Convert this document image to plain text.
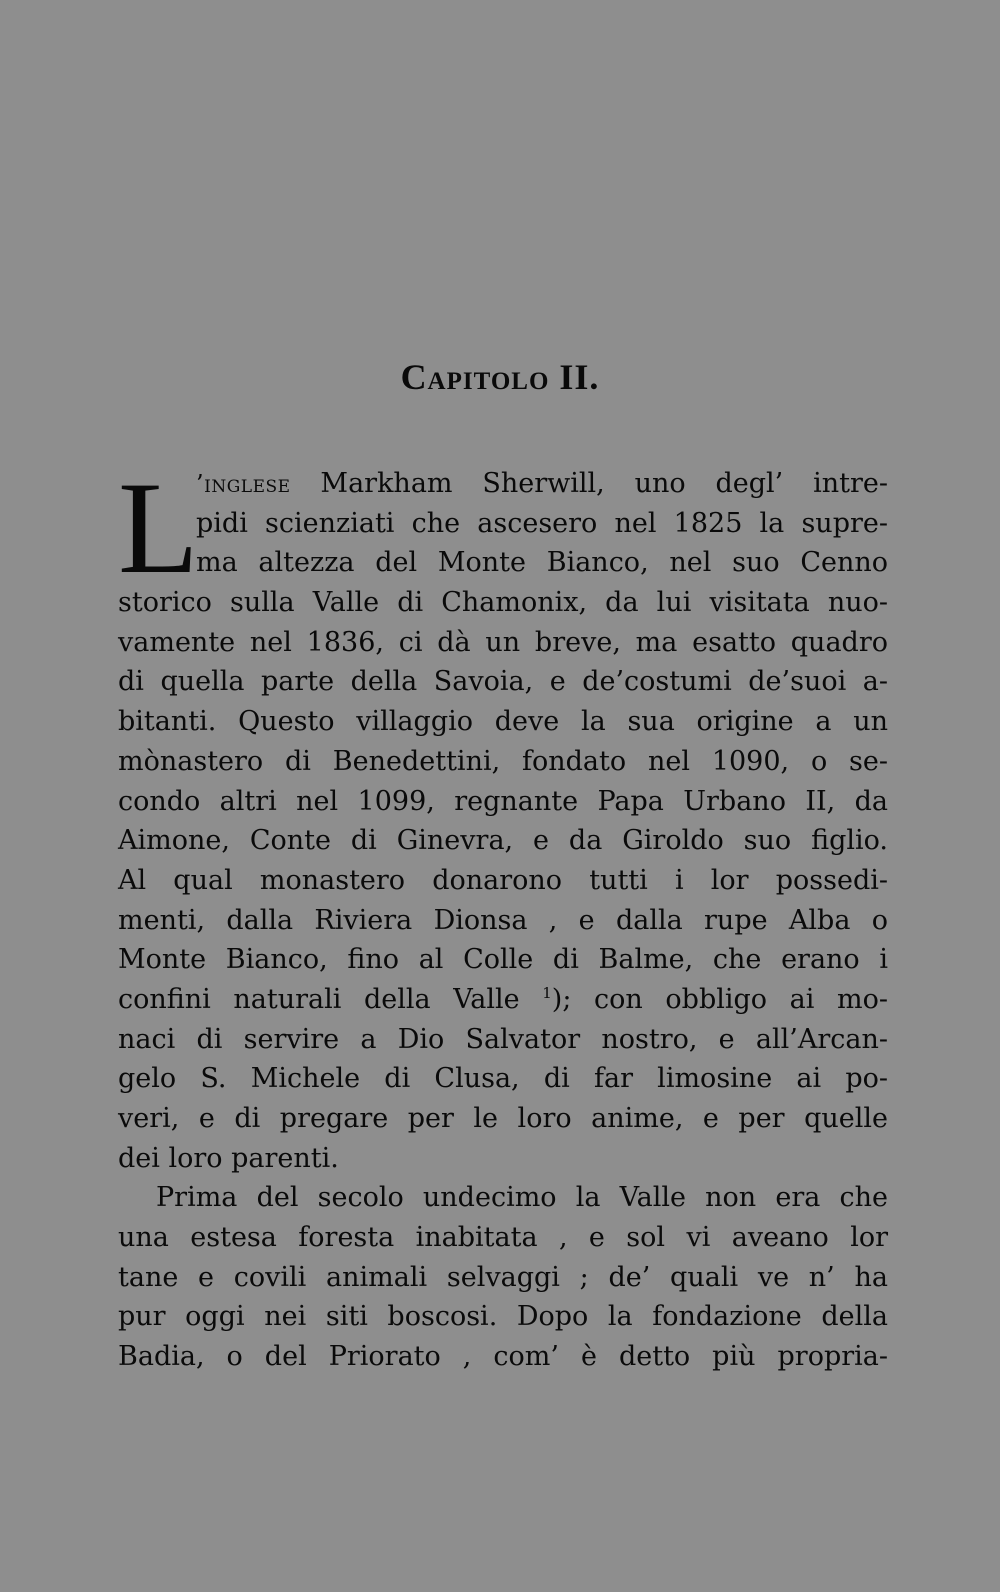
Capitolo II.
L
’inglese Markham Sherwill, uno degl’ intre-
pidi scienziati che ascesero nel 1825 la supre-
ma altezza del Monte Bianco, nel suo Cenno
storico sulla Valle di Chamonix, da lui visitata nuo-
vamente nel 1836, ci dà un breve, ma esatto quadro
di quella parte della Savoia, e de’costumi de’suoi a-
bitanti. Questo villaggio deve la sua origine a un
mònastero di Benedettini, fondato nel 1090, o se-
condo altri nel 1099, regnante Papa Urbano II, da
Aimone, Conte di Ginevra, e da Giroldo suo figlio.
Al qual monastero donarono tutti i lor possedi-
menti, dalla Riviera Dionsa , e dalla rupe Alba o
Monte Bianco, fino al Colle di Balme, che erano i
confini naturali della Valle $^1$); con obbligo ai mo-
naci di servire a Dio Salvator nostro, e all’Arcan-
gelo S. Michele di Clusa, di far limosine ai po-
veri, e di pregare per le loro anime, e per quelle
dei loro parenti.
Prima del secolo undecimo la Valle non era che
una estesa foresta inabitata , e sol vi aveano lor
tane e covili animali selvaggi ; de’ quali ve n’ ha
pur oggi nei siti boscosi. Dopo la fondazione della
Badia, o del Priorato , com’ è detto più propria-
